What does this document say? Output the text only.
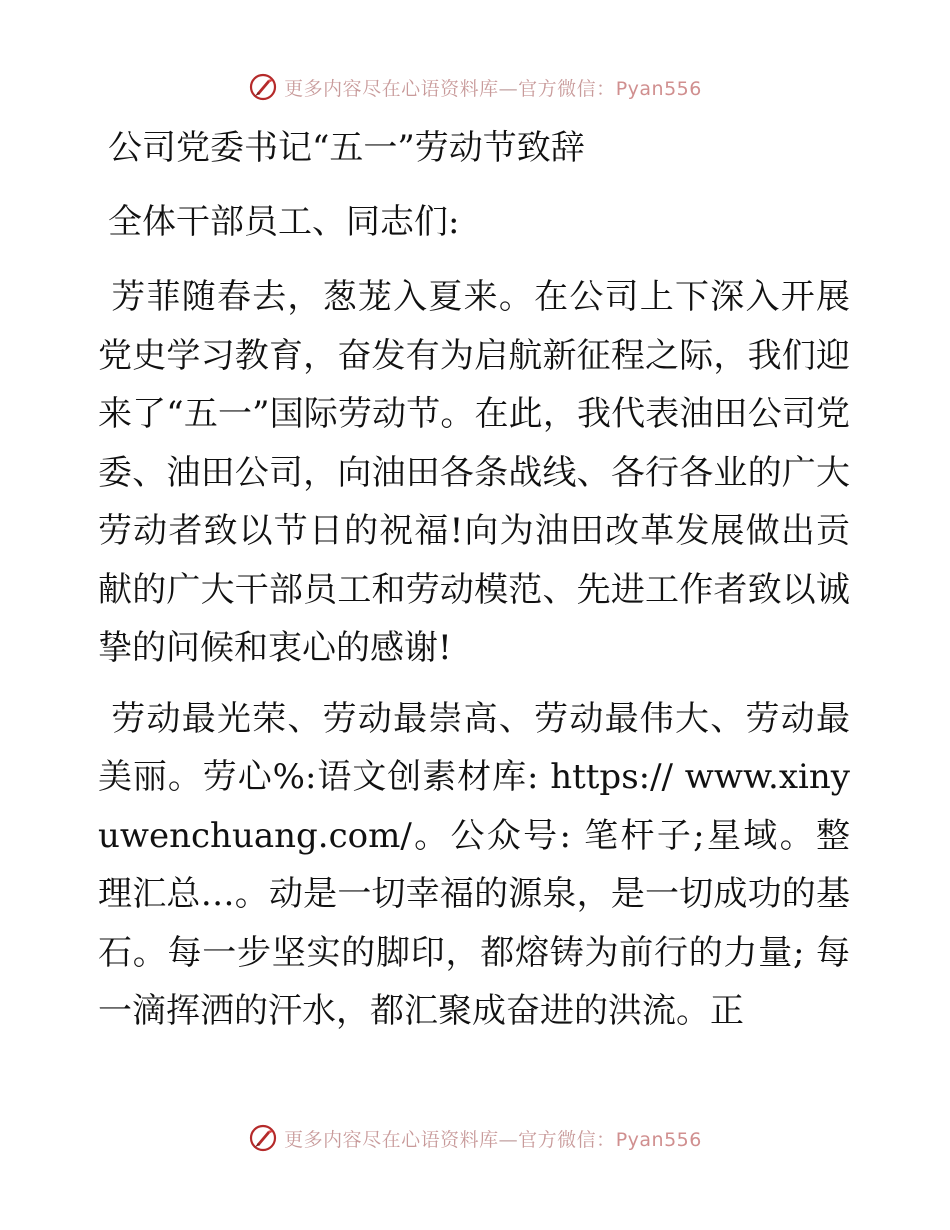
更多内容尽在心语资料库—官方微信：Pyan556
公司党委书记“五一”劳动节致辞
全体干部员工、同志们:
芳菲随春去，葱茏入夏来。在公司上下深入开展党史学习教育，奋发有为启航新征程之际，我们迎来了“五一”国际劳动节。在此，我代表油田公司党委、油田公司，向油田各条战线、各行各业的广大劳动者致以节日的祝福!向为油田改革发展做出贡献的广大干部员工和劳动模范、先进工作者致以诚挚的问候和衷心的感谢!
劳动最光荣、劳动最崇高、劳动最伟大、劳动最美丽。劳心%:语文创素材库: https:// www.xinyuwenchuang.com/。公众号: 笔杆子;星域。整理汇总…。动是一切幸福的源泉，是一切成功的基石。每一步坚实的脚印，都熔铸为前行的力量; 每一滴挥洒的汗水，都汇聚成奋进的洪流。正
更多内容尽在心语资料库—官方微信：Pyan556
